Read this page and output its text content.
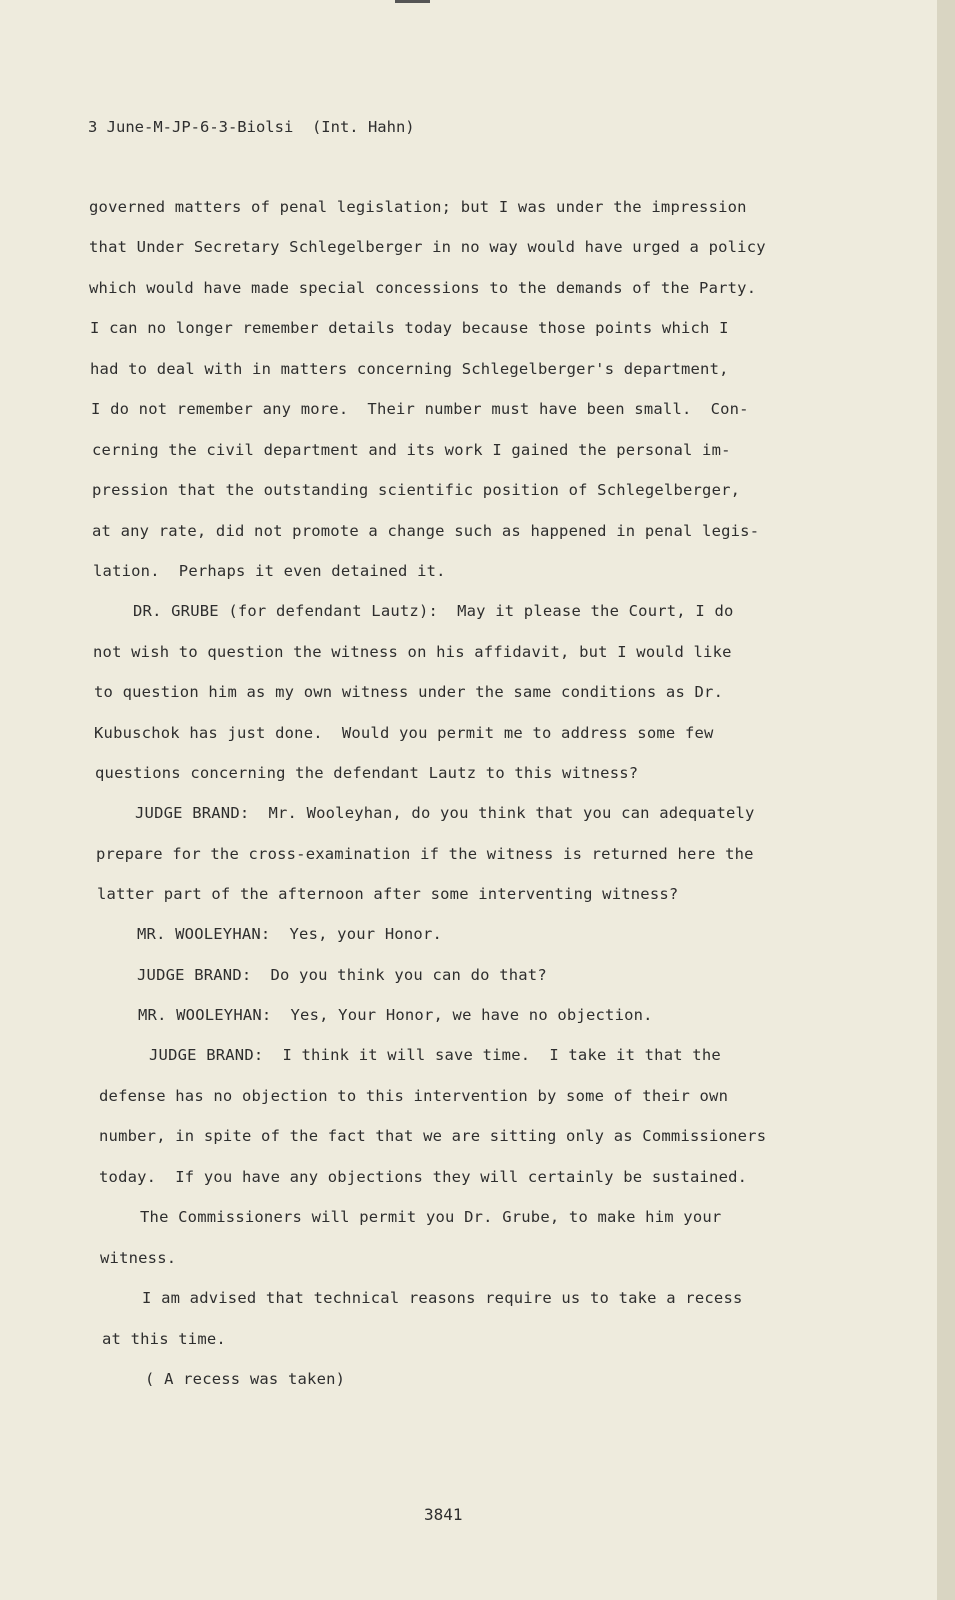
3 June-M-JP-6-3-Biolsi  (Int. Hahn)
governed matters of penal legislation; but I was under the impression
that Under Secretary Schlegelberger in no way would have urged a policy
which would have made special concessions to the demands of the Party.
I can no longer remember details today because those points which I
had to deal with in matters concerning Schlegelberger's department,
I do not remember any more.  Their number must have been small.  Con-
cerning the civil department and its work I gained the personal im-
pression that the outstanding scientific position of Schlegelberger,
at any rate, did not promote a change such as happened in penal legis-
lation.  Perhaps it even detained it.
DR. GRUBE (for defendant Lautz):  May it please the Court, I do
not wish to question the witness on his affidavit, but I would like
to question him as my own witness under the same conditions as Dr.
Kubuschok has just done.  Would you permit me to address some few
questions concerning the defendant Lautz to this witness?
JUDGE BRAND:  Mr. Wooleyhan, do you think that you can adequately
prepare for the cross-examination if the witness is returned here the
latter part of the afternoon after some interventing witness?
MR. WOOLEYHAN:  Yes, your Honor.
JUDGE BRAND:  Do you think you can do that?
MR. WOOLEYHAN:  Yes, Your Honor, we have no objection.
JUDGE BRAND:  I think it will save time.  I take it that the
defense has no objection to this intervention by some of their own
number, in spite of the fact that we are sitting only as Commissioners
today.  If you have any objections they will certainly be sustained.
The Commissioners will permit you Dr. Grube, to make him your
witness.
I am advised that technical reasons require us to take a recess
at this time.
( A recess was taken)
3841
